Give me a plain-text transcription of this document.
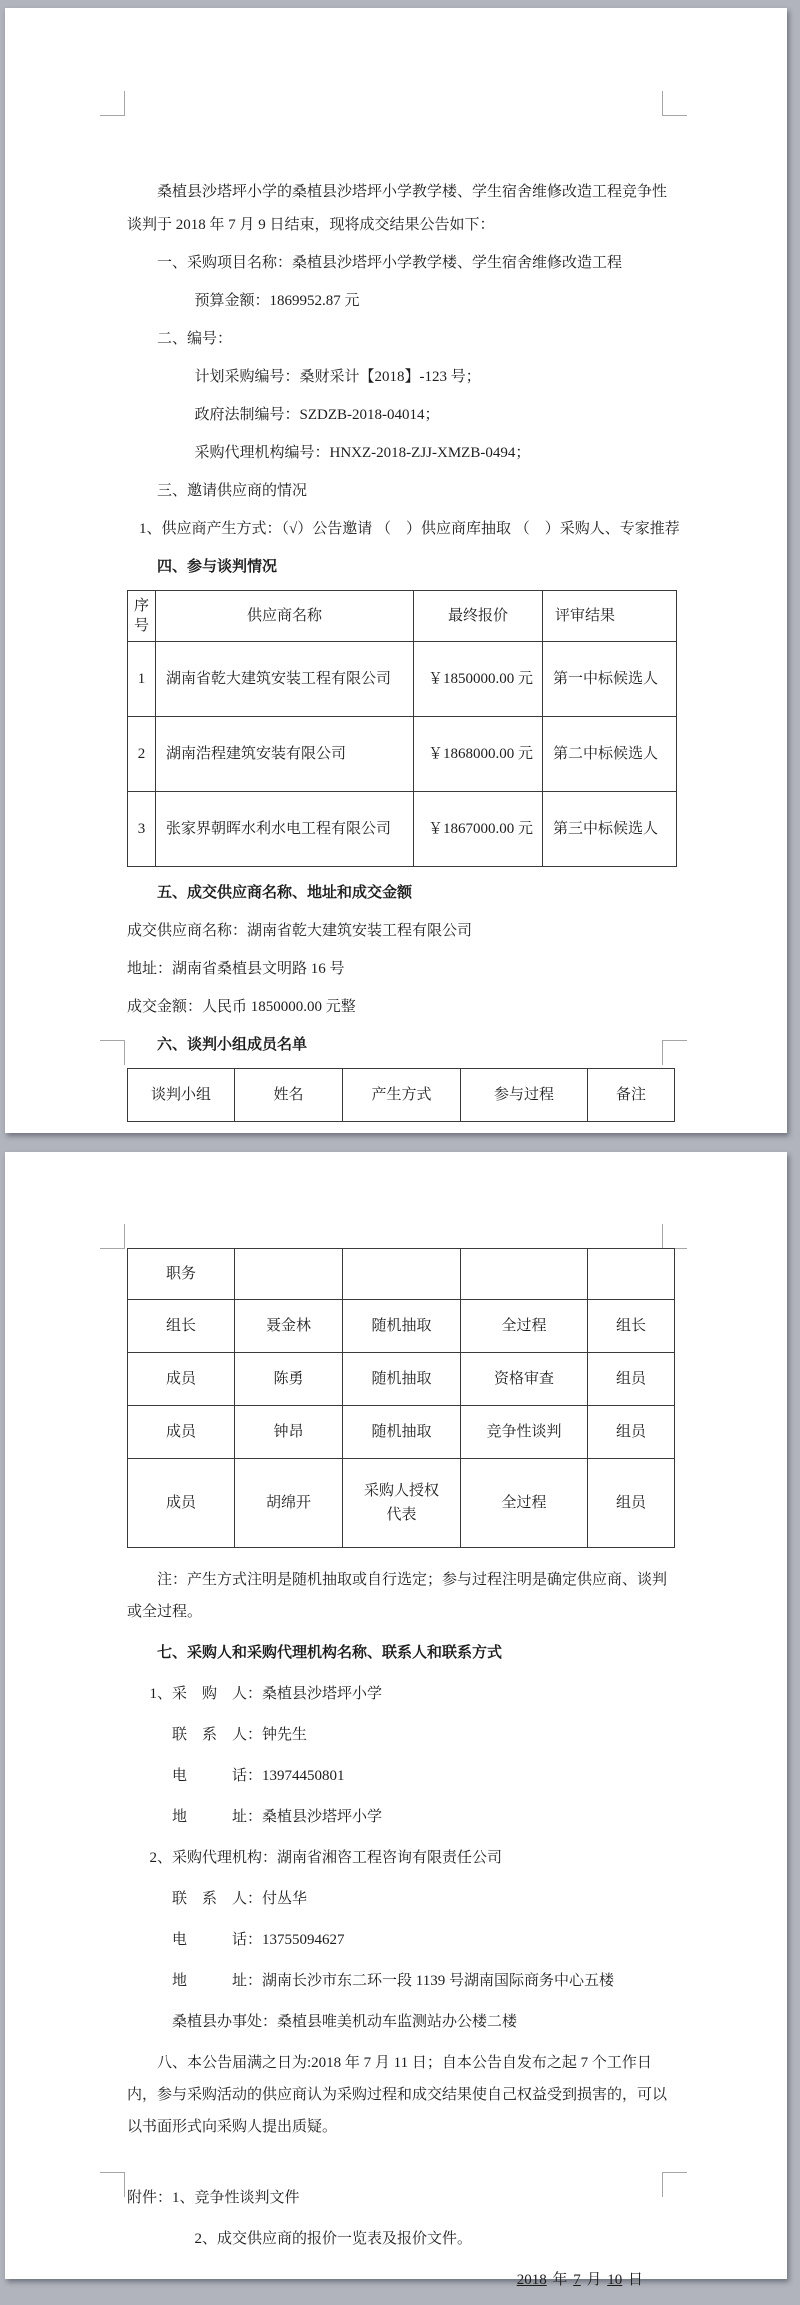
桑植县沙塔坪小学的桑植县沙塔坪小学教学楼、学生宿舍维修改造工程竞争性谈判于 2018 年 7 月 9 日结束，现将成交结果公告如下：

一、采购项目名称：桑植县沙塔坪小学教学楼、学生宿舍维修改造工程

预算金额：1869952.87 元

二、编号：

计划采购编号：桑财采计【2018】-123 号；

政府法制编号：SZDZB-2018-04014；

采购代理机构编号：HNXZ-2018-ZJJ-XMZB-0494；

三、邀请供应商的情况

1、供应商产生方式：（√）公告邀请 （　）供应商库抽取 （　）采购人、专家推荐

四、参与谈判情况

序号	供应商名称	最终报价	评审结果
1	湖南省乾大建筑安装工程有限公司	￥1850000.00 元	第一中标候选人
2	湖南浩程建筑安装有限公司	￥1868000.00 元	第二中标候选人
3	张家界朝晖水利水电工程有限公司	￥1867000.00 元	第三中标候选人

五、成交供应商名称、地址和成交金额

成交供应商名称：湖南省乾大建筑安装工程有限公司

地址：湖南省桑植县文明路 16 号

成交金额：人民币 1850000.00 元整

六、谈判小组成员名单

谈判小组	姓名	产生方式	参与过程	备注
职务				
组长	聂金林	随机抽取	全过程	组长
成员	陈勇	随机抽取	资格审查	组员
成员	钟昂	随机抽取	竞争性谈判	组员
成员	胡绵开	采购人授权代表	全过程	组员

注：产生方式注明是随机抽取或自行选定；参与过程注明是确定供应商、谈判或全过程。

七、采购人和采购代理机构名称、联系人和联系方式

1、采　购　人：桑植县沙塔坪小学

联　系　人：钟先生

电　　　话：13974450801

地　　　址：桑植县沙塔坪小学

2、采购代理机构：湖南省湘咨工程咨询有限责任公司

联　系　人：付丛华

电　　　话：13755094627

地　　　址：湖南长沙市东二环一段 1139 号湖南国际商务中心五楼

桑植县办事处：桑植县唯美机动车监测站办公楼二楼

八、本公告届满之日为:2018 年 7 月 11 日；自本公告自发布之起 7 个工作日内，参与采购活动的供应商认为采购过程和成交结果使自己权益受到损害的，可以以书面形式向采购人提出质疑。

附件：1、竞争性谈判文件

2、成交供应商的报价一览表及报价文件。

2018 年 7 月 10 日
